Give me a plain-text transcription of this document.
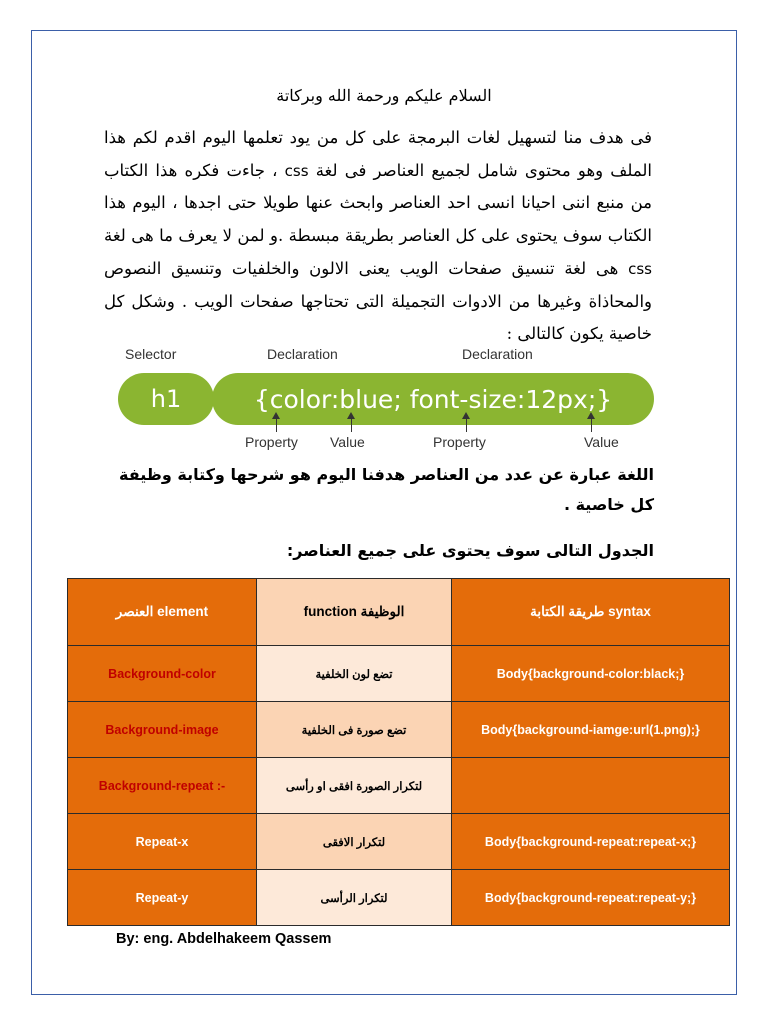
السلام عليكم ورحمة الله وبركاتة
فى هدف منا لتسهيل لغات البرمجة على كل من يود تعلمها اليوم اقدم لكم هذا الملف وهو محتوى شامل لجميع العناصر فى لغة css ، جاءت فكره هذا الكتاب من منبع اننى احيانا انسى احد العناصر وابحث عنها طويلا حتى اجدها ، اليوم هذا الكتاب سوف يحتوى على كل العناصر بطريقة مبسطة .و لمن لا يعرف ما هى لغة css هى لغة تنسيق صفحات الويب يعنى الالون والخلفيات وتنسيق النصوص والمحاذاة وغيرها من الادوات التجميلة التى تحتاجها صفحات الويب . وشكل كل خاصية يكون كالتالى :
Selector	Declaration	Declaration
h1	{color:blue; font-size:12px;}
Property Value	Property	Value
اللغة عبارة عن عدد من العناصر هدفنا اليوم هو شرحها وكتابة وظيفة كل خاصية .
الجدول التالى سوف يحتوى على جميع العناصر:
العنصر element	الوظيفة function	طريقة الكتابة syntax
Background-color	تضع لون الخلفية	Body{background-color:black;}
Background-image	تضع صورة فى الخلفية	Body{background-iamge:url(1.png);}
Background-repeat :-	لتكرار الصورة افقى او رأسى	
Repeat-x	لتكرار الافقى	Body{background-repeat:repeat-x;}
Repeat-y	لتكرار الرأسى	Body{background-repeat:repeat-y;}
By: eng. Abdelhakeem Qassem
